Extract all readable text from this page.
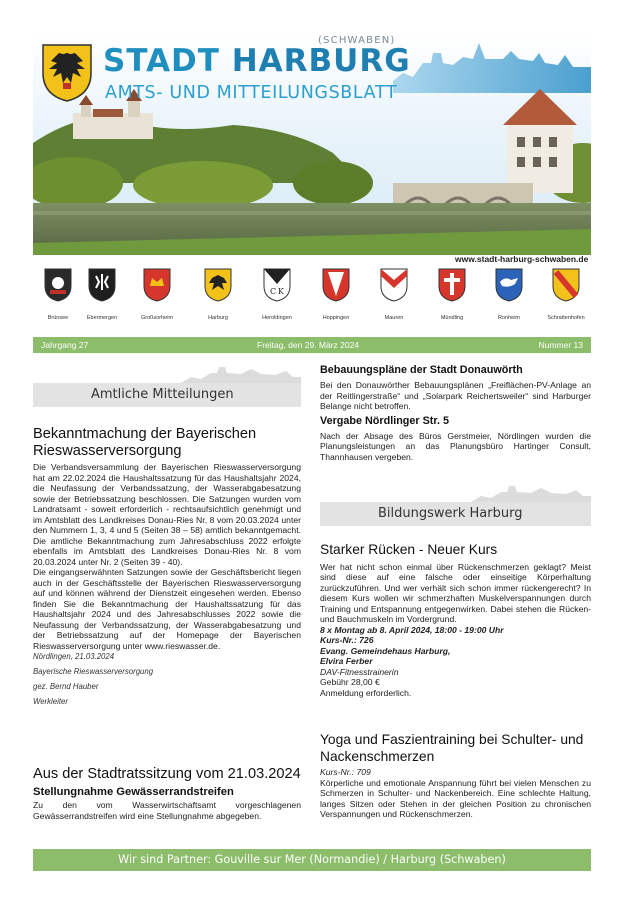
STADT HARBURG
(SCHWABEN)
AMTS- UND MITTEILUNGSBLATT
www.stadt-harburg-schwaben.de
Brünsee	Ebermergen	Großsorheim	Harburg
C K
Heroldingen	Hoppingen	Mauren	Mündling	Ronheim	Schrattenhofen
Jahrgang 27	Freitag, den 29. März 2024	Nummer 13
Amtliche Mitteilungen
Bekanntmachung der Bayerischen Rieswasserversorgung

Die Verbandsversammlung der Bayerischen Rieswasserversorgung hat am 22.02.2024 die Haushaltssatzung für das Haushaltsjahr 2024, die Neufassung der Verbandssatzung, der Wasserabgabesatzung sowie der Betriebssatzung beschlossen. Die Satzungen wurden vom Landratsamt - soweit erforderlich - rechtsaufsichtlich genehmigt und im Amtsblatt des Landkreises Donau-Ries Nr. 8 vom 20.03.2024 unter den Nummern 1, 3, 4 und 5 (Seiten 38 – 58) amtlich bekanntgemacht. Die amtliche Bekanntmachung zum Jahresabschluss 2022 erfolgte ebenfalls im Amtsblatt des Landkreises Donau-Ries Nr. 8 vom 20.03.2024 unter Nr. 2 (Seiten 39 - 40).

Die eingangserwähnten Satzungen sowie der Geschäftsbericht liegen auch in der Geschäftsstelle der Bayerischen Rieswasserversorgung auf und können während der Dienstzeit eingesehen werden. Ebenso finden Sie die Bekanntmachung der Haushaltssatzung für das Haushaltsjahr 2024 und des Jahresabschlusses 2022 sowie die Neufassung der Verbandssatzung, der Wasserabgabesatzung und der Betriebssatzung auf der Homepage der Bayerischen Rieswasserversorgung unter www.rieswasser.de.

Nördlingen, 21.03.2024
Bayerische Rieswasserversorgung
gez. Bernd Hauber
Werkleiter
Aus der Stadtratssitzung vom 21.03.2024
Stellungnahme Gewässerrandstreifen

Zu den vom Wasserwirtschaftsamt vorgeschlagenen Gewässerrandstreifen wird eine Stellungnahme abgegeben.

Bebauungspläne der Stadt Donauwörth

Bei den Donauwörther Bebauungsplänen „Freiflächen-PV-Anlage an der Reitlingerstraße“ und „Solarpark Reichertsweiler“ sind Harburger Belange nicht betroffen.

Vergabe Nördlinger Str. 5

Nach der Absage des Büros Gerstmeier, Nördlingen wurden die Planungsleistungen an das Planungsbüro Hartinger Consult, Thannhausen vergeben.

Bildungswerk Harburg
Starker Rücken - Neuer Kurs

Wer hat nicht schon einmal über Rückenschmerzen geklagt? Meist sind diese auf eine falsche oder einseitige Körperhaltung zurückzuführen. Und wer verhält sich schon immer rückengerecht? In diesem Kurs wollen wir schmerzhaften Muskelverspannungen durch Training und Entspannung entgegenwirken. Dabei stehen die Rücken- und Bauchmuskeln im Vordergrund.

8 x Montag ab 8. April 2024, 18:00 - 19:00 Uhr
Kurs-Nr.: 726
Evang. Gemeindehaus Harburg,
Elvira Ferber
DAV-Fitnesstrainerin
Gebühr 28,00 €
Anmeldung erforderlich.
Yoga und Faszientraining bei Schulter- und Nackenschmerzen
Kurs-Nr.: 709

Körperliche und emotionale Anspannung führt bei vielen Menschen zu Schmerzen in Schulter- und Nackenbereich. Eine schlechte Haltung, langes Sitzen oder Stehen in der gleichen Position zu chronischen Verspannungen und Rückenschmerzen.

Wir sind Partner: Gouville sur Mer (Normandie) / Harburg (Schwaben)
